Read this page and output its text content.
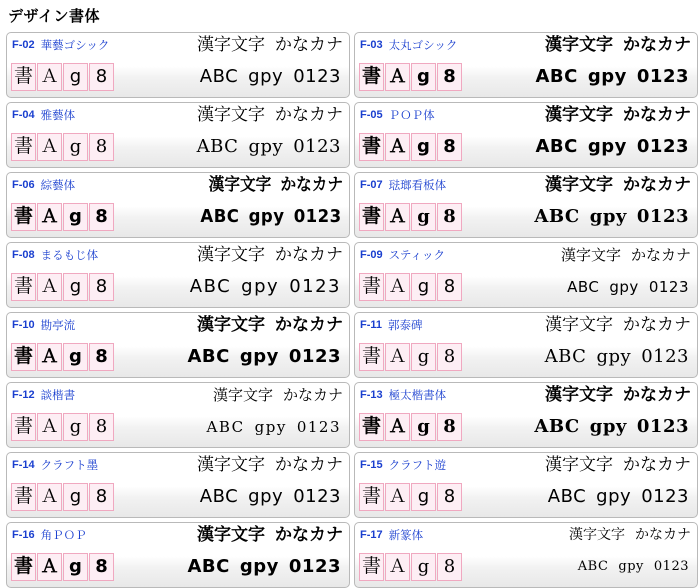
デザイン書体
F-02 華藝ゴシック	漢字文字 かなカナ
書 Ａ g 8	ABC gpy 0123
F-03 太丸ゴシック	漢字文字 かなカナ
書 Ａ g 8	ABC gpy 0123
F-04 雅藝体	漢字文字 かなカナ
書 Ａ g 8	ABC gpy 0123
F-05 ＰＯＰ体	漢字文字 かなカナ
書 Ａ g 8	ABC gpy 0123
F-06 綜藝体	漢字文字 かなカナ
書 Ａ g 8	ABC gpy 0123
F-07 琺瑯看板体	漢字文字 かなカナ
書 Ａ g 8	ABC gpy 0123
F-08 まるもじ体	漢字文字 かなカナ
書 Ａ g 8	ABC gpy 0123
F-09 スティック	漢字文字 かなカナ
書 Ａ g 8	ABC gpy 0123
F-10 勘亭流	漢字文字 かなカナ
書 Ａ g 8	ABC gpy 0123
F-11 郭泰碑	漢字文字 かなカナ
書 Ａ g 8	ABC gpy 0123
F-12 談楷書	漢字文字 かなカナ
書 Ａ g 8	ABC gpy 0123
F-13 極太楷書体	漢字文字 かなカナ
書 Ａ g 8	ABC gpy 0123
F-14 クラフト墨	漢字文字 かなカナ
書 Ａ g 8	ABC gpy 0123
F-15 クラフト遊	漢字文字 かなカナ
書 Ａ g 8	ABC gpy 0123
F-16 角ＰＯＰ	漢字文字 かなカナ
書 Ａ g 8	ABC gpy 0123
F-17 新篆体	漢字文字 かなカナ
書 Ａ g 8	ABC gpy 0123
